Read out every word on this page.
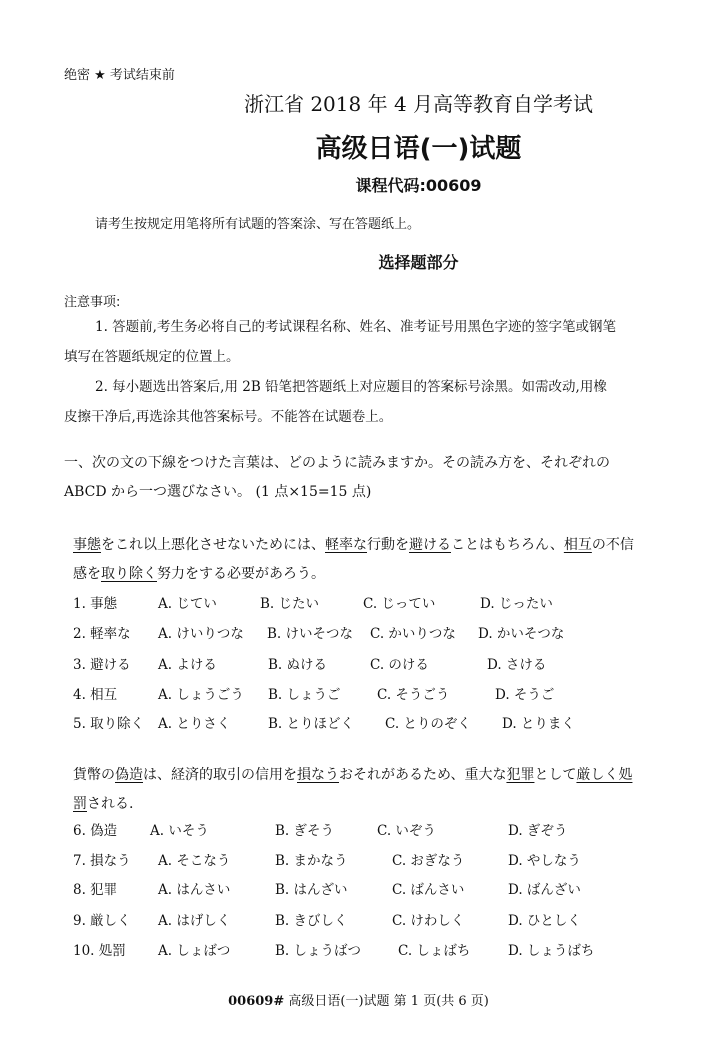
绝密 ★ 考试结束前
浙江省 2018 年 4 月高等教育自学考试
高级日语(一)试题
课程代码:00609
请考生按规定用笔将所有试题的答案涂、写在答题纸上。
选择题部分
注意事项:
1. 答题前,考生务必将自己的考试课程名称、姓名、准考证号用黑色字迹的签字笔或钢笔
填写在答题纸规定的位置上。
2. 每小题选出答案后,用 2B 铅笔把答题纸上对应题目的答案标号涂黑。如需改动,用橡
皮擦干净后,再选涂其他答案标号。不能答在试题卷上。
一、次の文の下線をつけた言葉は、どのように読みますか。その読み方を、それぞれの
ABCD から一つ選びなさい。 (1 点×15=15 点)
事態をこれ以上悪化させないためには、軽率な行動を避けることはもちろん、相互の不信
感を取り除く努力をする必要があろう。
1. 事態	A. じてい	B. じたい	C. じってい	D. じったい
2. 軽率な A. けいりつな B. けいそつな C. かいりつな D. かいそつな
3. 避ける A. よける	B. ぬける	C. のける	D. さける
4. 相互	A. しょうごう B. しょうご	C. そうごう	D. そうご
5. 取り除く A. とりさく	B. とりほどく C. とりのぞく D. とりまく
貨幣の偽造は、経済的取引の信用を損なうおそれがあるため、重大な犯罪として厳しく処
罰される.
6. 偽造 A. いそう	B. ぎそう	C. いぞう	D. ぎぞう
7. 損なう A. そこなう	B. まかなう	C. おぎなう	D. やしなう
8. 犯罪	A. はんさい	B. はんざい	C. ばんさい	D. ばんざい
9. 厳しく A. はげしく	B. きびしく	C. けわしく	D. ひとしく
10. 処罰 A. しょばつ	B. しょうばつ	C. しょばち	D. しょうばち
00609# 高级日语(一)试题 第 1 页(共 6 页)
